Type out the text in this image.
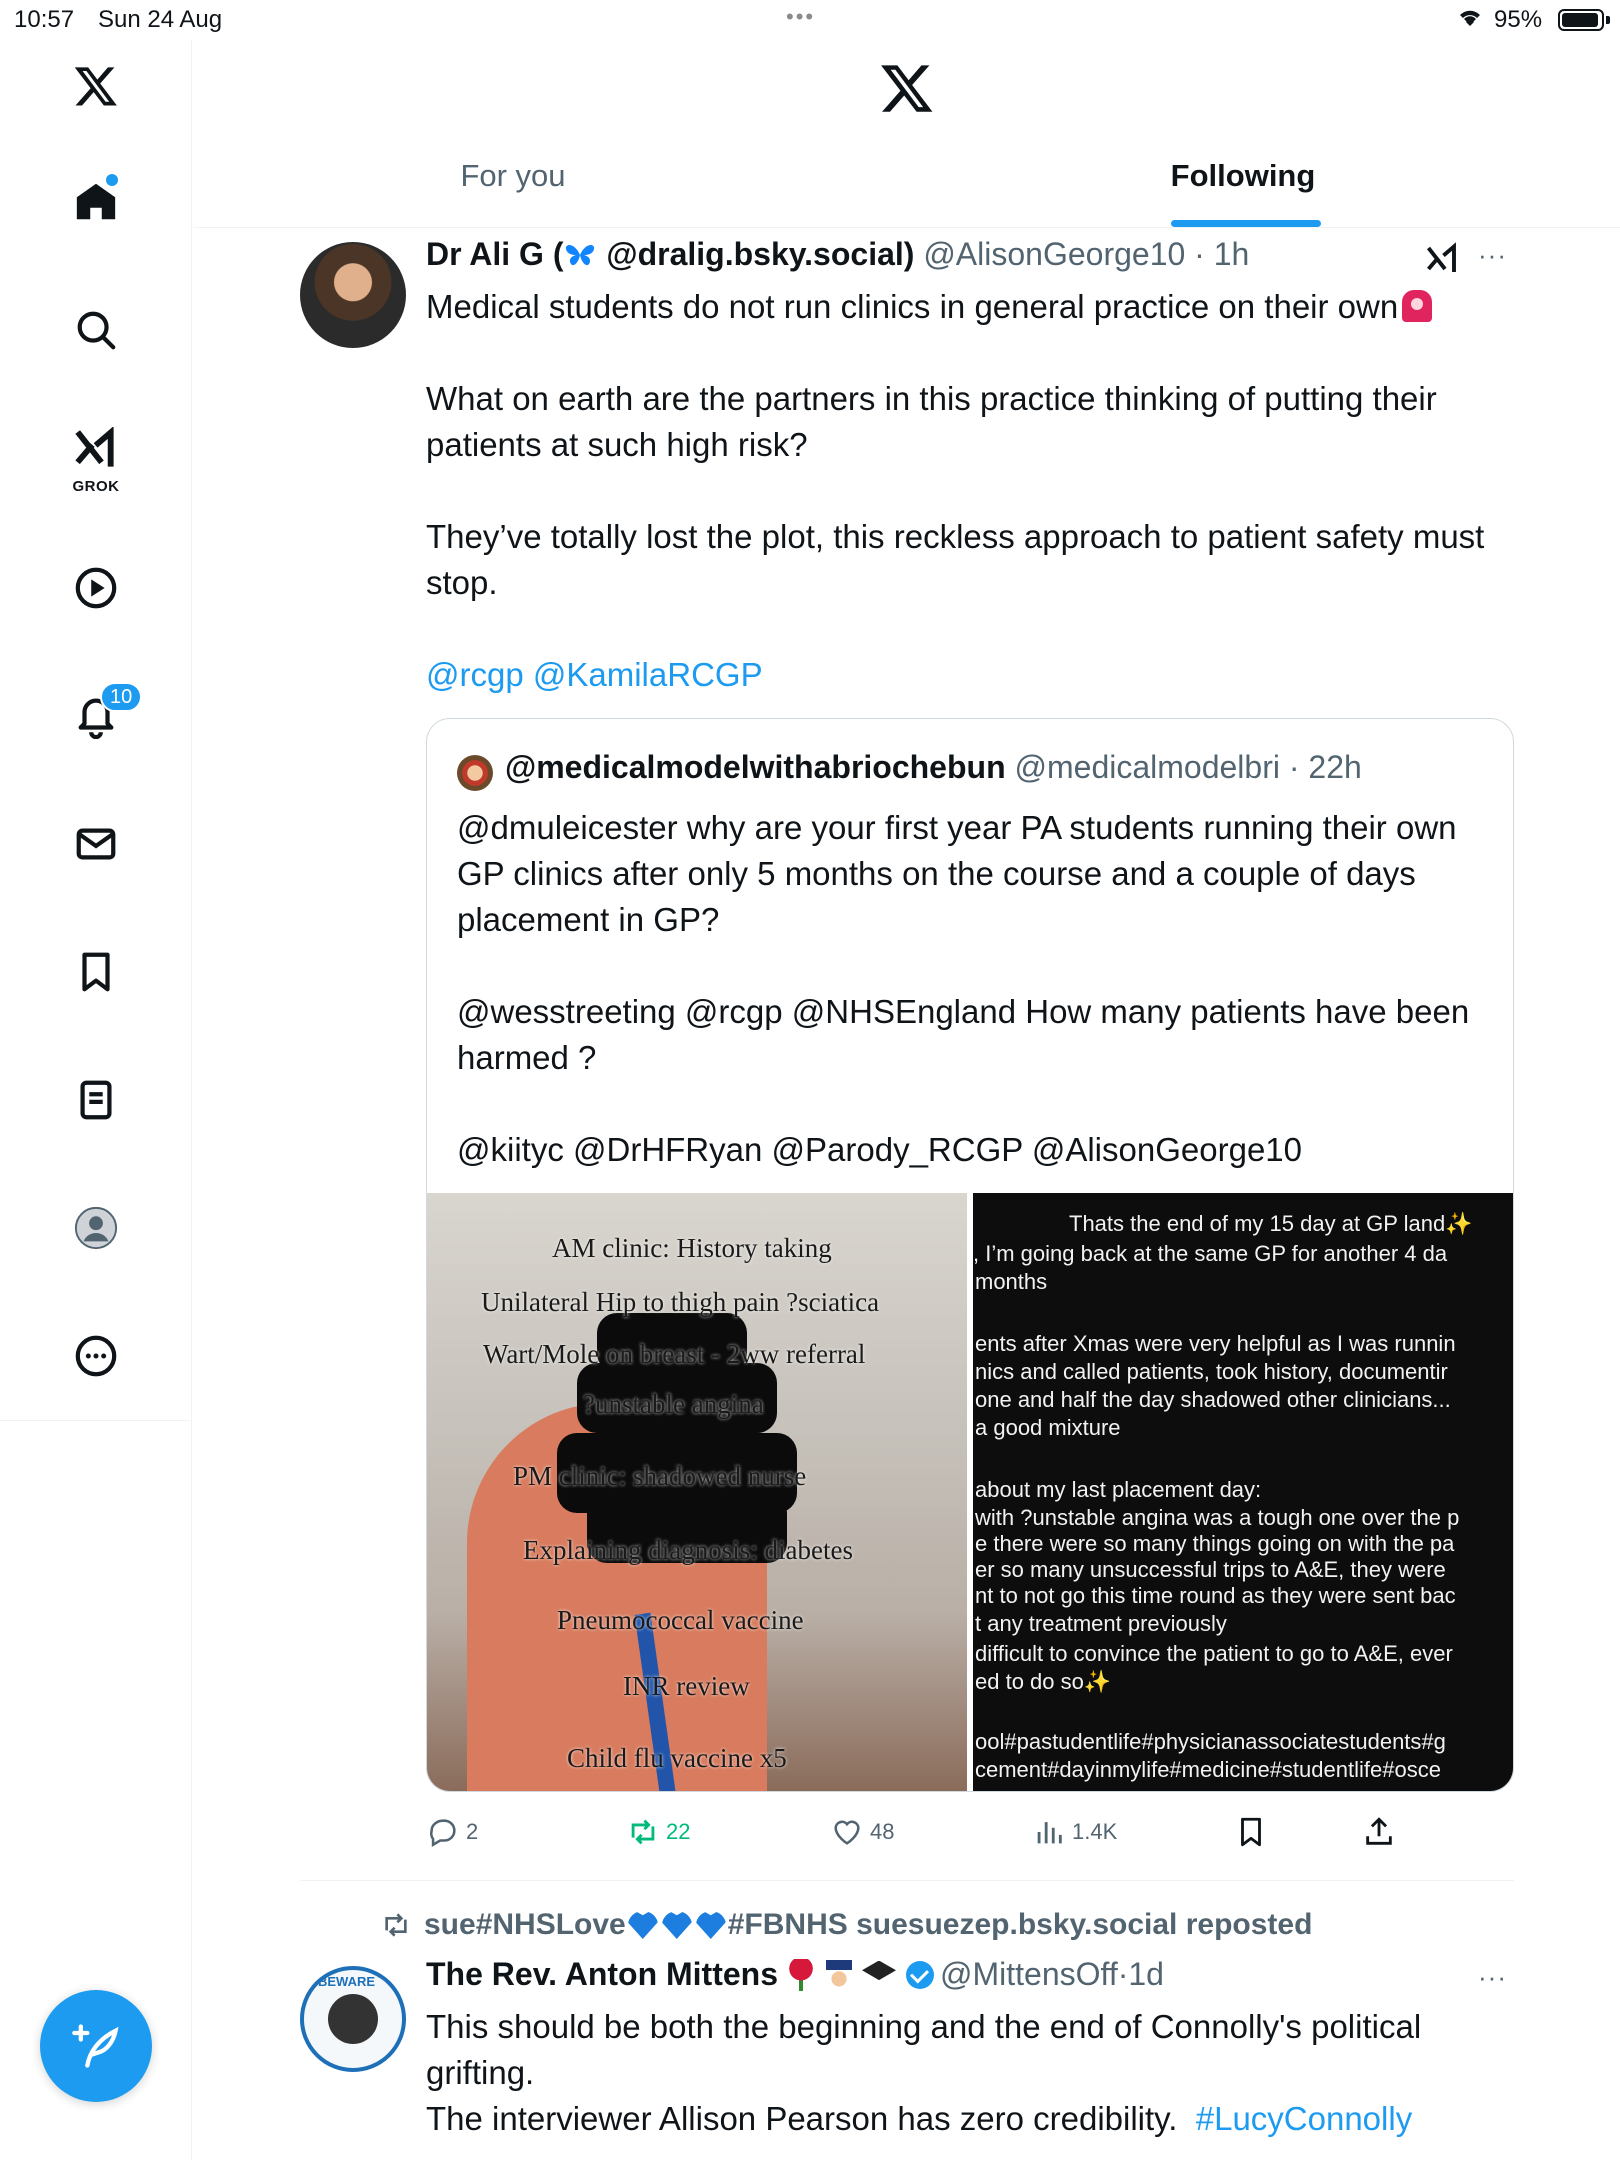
10:57 Sun 24 Aug	•••	95%
GROK
10
For you	Following
Dr Ali G ( @dralig.bsky.social) @AlisonGeorge10 · 1h	···
Medical students do not run clinics in general practice on their own

What on earth are the partners in this practice thinking of putting their patients at such high risk?

They’ve totally lost the plot, this reckless approach to patient safety must stop.

@rcgp @KamilaRCGP
@medicalmodelwithabriochebun @medicalmodelbri · 22h
@dmuleicester why are your first year PA students running their own GP clinics after only 5 months on the course and a couple of days placement in GP?

@wesstreeting @rcgp @NHSEngland How many patients have been harmed ?

@kiityc @DrHFRyan @Parody_RCGP @AlisonGeorge10
AM clinic: History taking
Unilateral Hip to thigh pain ?sciatica
Wart/Mole on breast - 2ww referral
?unstable angina
PM clinic: shadowed nurse
Explaining diagnosis: diabetes
Pneumococcal vaccine
INR review
Child flu vaccine x5
Thats the end of my 15 day at GP land✨
, I’m going back at the same GP for another 4 da
months
ents after Xmas were very helpful as I was runnin
nics and called patients, took history, documentir
one and half the day shadowed other clinicians...
a good mixture
about my last placement day:
with ?unstable angina was a tough one over the p
e there were so many things going on with the pa
er so many unsuccessful trips to A&E, they were
nt to not go this time round as they were sent bac
t any treatment previously
difficult to convince the patient to go to A&E, ever
ed to do so✨
ool#pastudentlife#physicianassociatestudents#g
cement#dayinmylife#medicine#studentlife#osce
2	22	48	1.4K
sue#NHSLove	#FBNHS suesuezep.bsky.social reposted
BEWARE The Rev. Anton Mittens	@MittensOff · 1d	···
This should be both the beginning and the end of Connolly's political grifting.
The interviewer Allison Pearson has zero credibility.  #LucyConnolly
